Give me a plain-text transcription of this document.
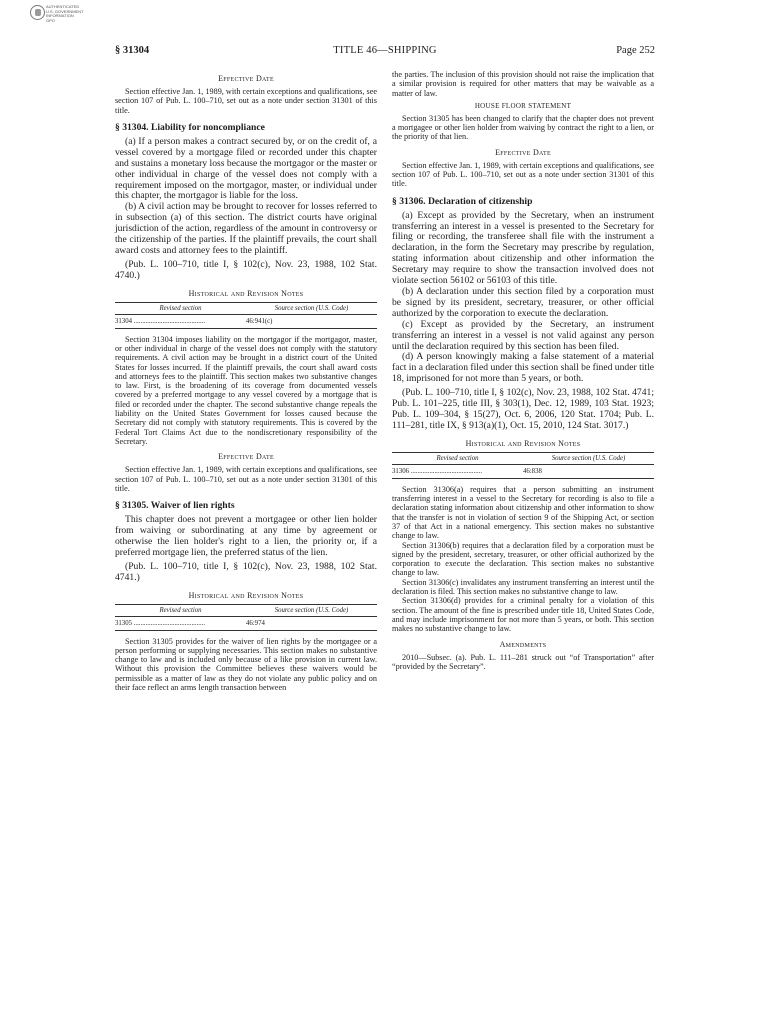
AUTHENTICATED
U.S. GOVERNMENT
INFORMATION
GPO
§ 31304	TITLE 46—SHIPPING	Page 252
Effective Date

Section effective Jan. 1, 1989, with certain exceptions and qualifications, see section 107 of Pub. L. 100–710, set out as a note under section 31301 of this title.

§ 31304. Liability for noncompliance

(a) If a person makes a contract secured by, or on the credit of, a vessel covered by a mortgage filed or recorded under this chapter and sustains a monetary loss because the mortgagor or the master or other individual in charge of the vessel does not comply with a requirement imposed on the mortgagor, master, or individual under this chapter, the mortgagor is liable for the loss.

(b) A civil action may be brought to recover for losses referred to in subsection (a) of this section. The district courts have original jurisdiction of the action, regardless of the amount in controversy or the citizenship of the parties. If the plaintiff prevails, the court shall award costs and attorney fees to the plaintiff.

(Pub. L. 100–710, title I, § 102(c), Nov. 23, 1988, 102 Stat. 4740.)

Historical and Revision Notes
Revised section	Source section (U.S. Code)
31304 ..........................................	46:941(c)

Section 31304 imposes liability on the mortgagor if the mortgagor, master, or other individual in charge of the vessel does not comply with the statutory requirements. A civil action may be brought in a district court of the United States for losses incurred. If the plaintiff prevails, the court shall award costs and attorneys fees to the plaintiff. This section makes two substantive changes to law. First, is the broadening of its coverage from documented vessels covered by a preferred mortgage to any vessel covered by a mortgage that is filed or recorded under the chapter. The second substantive change repeals the liability on the United States Government for losses caused because the Secretary did not comply with statutory requirements. This is covered by the Federal Tort Claims Act due to the nondiscretionary responsibility of the Secretary.

Effective Date

Section effective Jan. 1, 1989, with certain exceptions and qualifications, see section 107 of Pub. L. 100–710, set out as a note under section 31301 of this title.

§ 31305. Waiver of lien rights

This chapter does not prevent a mortgagee or other lien holder from waiving or subordinating at any time by agreement or otherwise the lien holder's right to a lien, the priority or, if a preferred mortgage lien, the preferred status of the lien.

(Pub. L. 100–710, title I, § 102(c), Nov. 23, 1988, 102 Stat. 4741.)

Historical and Revision Notes
Revised section	Source section (U.S. Code)
31305 ..........................................	46:974

Section 31305 provides for the waiver of lien rights by the mortgagee or a person performing or supplying necessaries. This section makes no substantive change to law and is included only because of a like provision in current law. Without this provision the Committee believes these waivers would be permissible as a matter of law as they do not violate any public policy and on their face reflect an arms length transaction between

the parties. The inclusion of this provision should not raise the implication that a similar provision is required for other matters that may be waivable as a matter of law.

HOUSE FLOOR STATEMENT

Section 31305 has been changed to clarify that the chapter does not prevent a mortgagee or other lien holder from waiving by contract the right to a lien, or the priority of that lien.

Effective Date

Section effective Jan. 1, 1989, with certain exceptions and qualifications, see section 107 of Pub. L. 100–710, set out as a note under section 31301 of this title.

§ 31306. Declaration of citizenship

(a) Except as provided by the Secretary, when an instrument transferring an interest in a vessel is presented to the Secretary for filing or recording, the transferee shall file with the instrument a declaration, in the form the Secretary may prescribe by regulation, stating information about citizenship and other information the Secretary may require to show the transaction involved does not violate section 56102 or 56103 of this title.

(b) A declaration under this section filed by a corporation must be signed by its president, secretary, treasurer, or other official authorized by the corporation to execute the declaration.

(c) Except as provided by the Secretary, an instrument transferring an interest in a vessel is not valid against any person until the declaration required by this section has been filed.

(d) A person knowingly making a false statement of a material fact in a declaration filed under this section shall be fined under title 18, imprisoned for not more than 5 years, or both.

(Pub. L. 100–710, title I, § 102(c), Nov. 23, 1988, 102 Stat. 4741; Pub. L. 101–225, title III, § 303(1), Dec. 12, 1989, 103 Stat. 1923; Pub. L. 109–304, § 15(27), Oct. 6, 2006, 120 Stat. 1704; Pub. L. 111–281, title IX, § 913(a)(1), Oct. 15, 2010, 124 Stat. 3017.)

Historical and Revision Notes
Revised section	Source section (U.S. Code)
31306 ..........................................	46:838

Section 31306(a) requires that a person submitting an instrument transferring interest in a vessel to the Secretary for recording is also to file a declaration stating information about citizenship and other information to show that the transfer is not in violation of section 9 of the Shipping Act, or section 37 of that Act in a national emergency. This section makes no substantive change to law.

Section 31306(b) requires that a declaration filed by a corporation must be signed by the president, secretary, treasurer, or other official authorized by the corporation to execute the declaration. This section makes no substantive change to law.

Section 31306(c) invalidates any instrument transferring an interest until the declaration is filed. This section makes no substantive change to law.

Section 31306(d) provides for a criminal penalty for a violation of this section. The amount of the fine is prescribed under title 18, United States Code, and may include imprisonment for not more than 5 years, or both. This section makes no substantive change to law.

Amendments

2010—Subsec. (a). Pub. L. 111–281 struck out “of Transportation” after “provided by the Secretary”.
